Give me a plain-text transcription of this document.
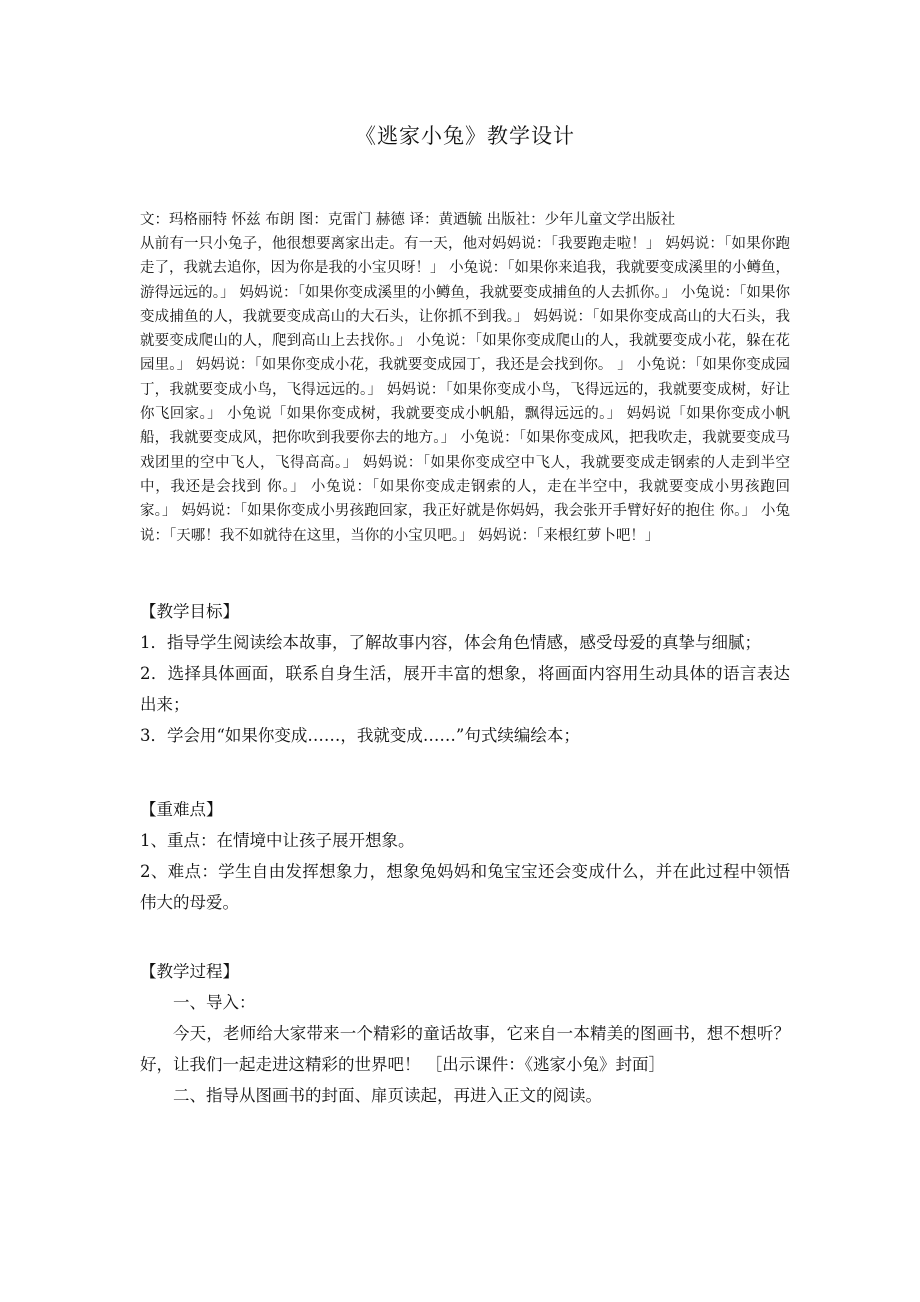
《逃家小兔》教学设计
文：玛格丽特 怀兹 布朗 图：克雷门 赫德 译：黄迺毓 出版社：少年儿童文学出版社
从前有一只小兔子，他很想要离家出走。有一天，他对妈妈说：「我要跑走啦！」 妈妈说：「如果你跑走了，我就去追你，因为你是我的小宝贝呀！」 小兔说：「如果你来追我，我就要变成溪里的小鳟鱼，游得远远的。」 妈妈说：「如果你变成溪里的小鳟鱼，我就要变成捕鱼的人去抓你。」 小兔说：「如果你变成捕鱼的人，我就要变成高山的大石头，让你抓不到我。」 妈妈说：「如果你变成高山的大石头，我就要变成爬山的人，爬到高山上去找你。」 小兔说：「如果你变成爬山的人，我就要变成小花，躲在花园里。」 妈妈说：「如果你变成小花，我就要变成园丁，我还是会找到你。 」 小兔说：「如果你变成园丁，我就要变成小鸟，飞得远远的。」 妈妈说：「如果你变成小鸟，飞得远远的，我就要变成树，好让你飞回家。」 小兔说「如果你变成树，我就要变成小帆船，飘得远远的。」 妈妈说「如果你变成小帆船，我就要变成风，把你吹到我要你去的地方。」 小兔说：「如果你变成风，把我吹走，我就要变成马戏团里的空中飞人，飞得高高。」 妈妈说：「如果你变成空中飞人，我就要变成走钢索的人走到半空中，我还是会找到 你。」 小兔说：「如果你变成走钢索的人，走在半空中，我就要变成小男孩跑回家。」 妈妈说：「如果你变成小男孩跑回家，我正好就是你妈妈，我会张开手臂好好的抱住 你。」 小兔说：「天哪！我不如就待在这里，当你的小宝贝吧。」 妈妈说：「来根红萝卜吧！」

【教学目标】

1．指导学生阅读绘本故事，了解故事内容，体会角色情感，感受母爱的真挚与细腻；

2．选择具体画面，联系自身生活，展开丰富的想象，将画面内容用生动具体的语言表达出来；

3．学会用“如果你变成……，我就变成……”句式续编绘本；

【重难点】

1、重点：在情境中让孩子展开想象。

2、难点：学生自由发挥想象力，想象兔妈妈和兔宝宝还会变成什么，并在此过程中领悟伟大的母爱。

【教学过程】

一、导入：

今天，老师给大家带来一个精彩的童话故事，它来自一本精美的图画书，想不想听？好，让我们一起走进这精彩的世界吧！ ［出示课件：《逃家小兔》封面］

二、指导从图画书的封面、扉页读起，再进入正文的阅读。
